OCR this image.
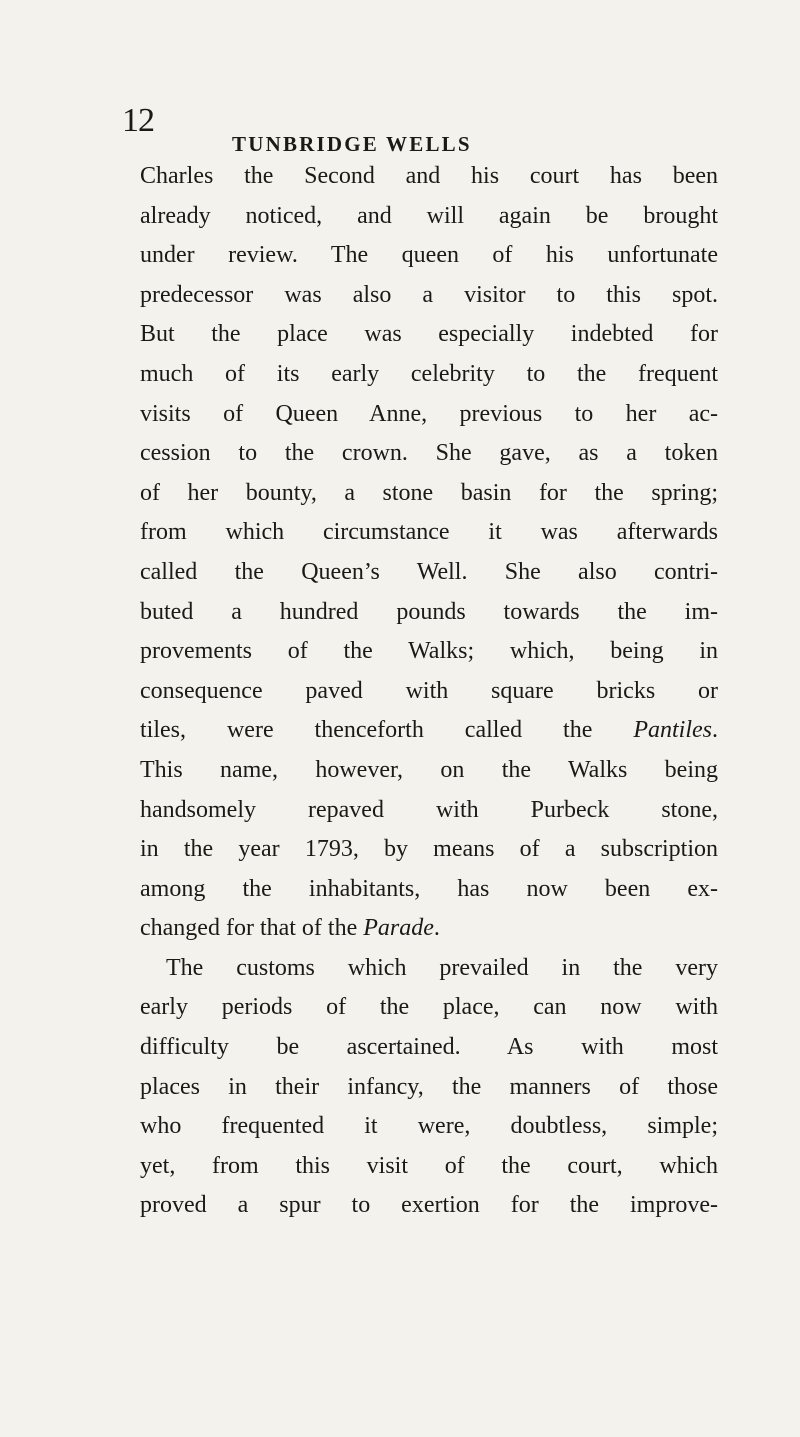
12
TUNBRIDGE WELLS
Charles the Second and his court has been
already noticed, and will again be brought
under review. The queen of his unfortunate
predecessor was also a visitor to this spot.
But the place was especially indebted for
much of its early celebrity to the frequent
visits of Queen Anne, previous to her ac-
cession to the crown. She gave, as a token
of her bounty, a stone basin for the spring;
from which circumstance it was afterwards
called the Queen’s Well. She also contri-
buted a hundred pounds towards the im-
provements of the Walks; which, being in
consequence paved with square bricks or
tiles, were thenceforth called the Pantiles.
This name, however, on the Walks being
handsomely repaved with Purbeck stone,
in the year 1793, by means of a subscription
among the inhabitants, has now been ex-
changed for that of the Parade.
The customs which prevailed in the very
early periods of the place, can now with
difficulty be ascertained. As with most
places in their infancy, the manners of those
who frequented it were, doubtless, simple;
yet, from this visit of the court, which
proved a spur to exertion for the improve-
